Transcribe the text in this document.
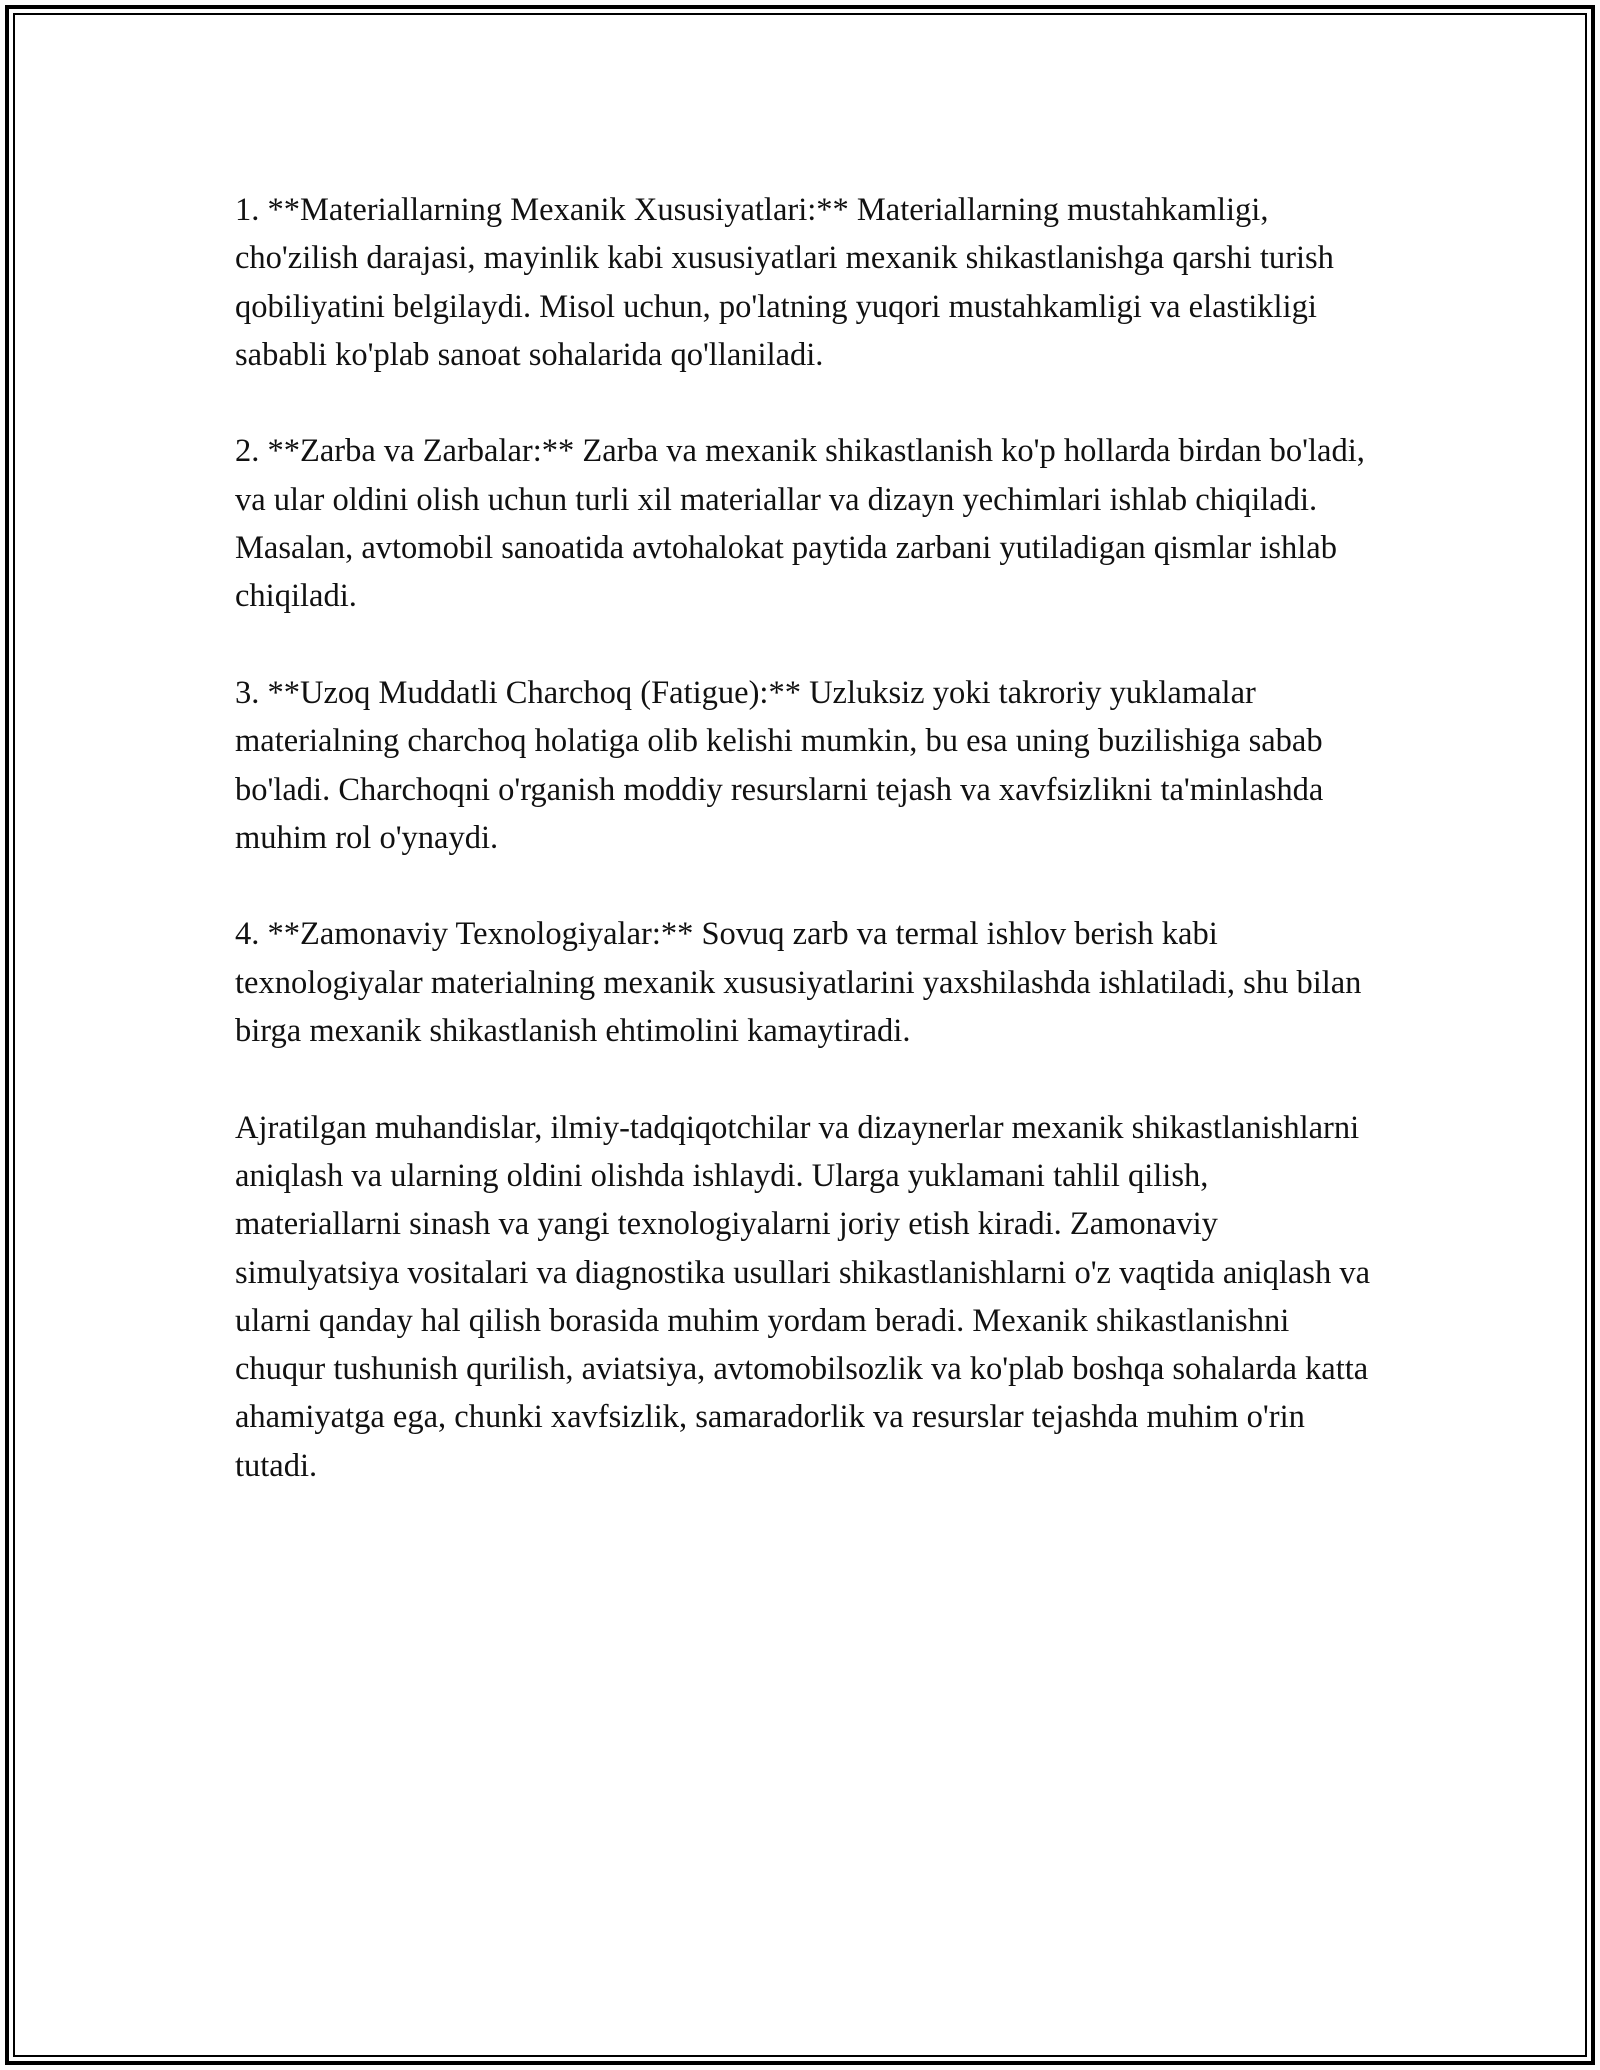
1. **Materiallarning Mexanik Xususiyatlari:** Materiallarning mustahkamligi, cho'zilish darajasi, mayinlik kabi xususiyatlari mexanik shikastlanishga qarshi turish qobiliyatini belgilaydi. Misol uchun, po'latning yuqori mustahkamligi va elastikligi sababli ko'plab sanoat sohalarida qo'llaniladi.

2. **Zarba va Zarbalar:** Zarba va mexanik shikastlanish ko'p hollarda birdan bo'ladi, va ular oldini olish uchun turli xil materiallar va dizayn yechimlari ishlab chiqiladi. Masalan, avtomobil sanoatida avtohalokat paytida zarbani yutiladigan qismlar ishlab chiqiladi.

3. **Uzoq Muddatli Charchoq (Fatigue):** Uzluksiz yoki takroriy yuklamalar materialning charchoq holatiga olib kelishi mumkin, bu esa uning buzilishiga sabab bo'ladi. Charchoqni o'rganish moddiy resurslarni tejash va xavfsizlikni ta'minlashda muhim rol o'ynaydi.

4. **Zamonaviy Texnologiyalar:** Sovuq zarb va termal ishlov berish kabi texnologiyalar materialning mexanik xususiyatlarini yaxshilashda ishlatiladi, shu bilan birga mexanik shikastlanish ehtimolini kamaytiradi.

Ajratilgan muhandislar, ilmiy-tadqiqotchilar va dizaynerlar mexanik shikastlanishlarni aniqlash va ularning oldini olishda ishlaydi. Ularga yuklamani tahlil qilish, materiallarni sinash va yangi texnologiyalarni joriy etish kiradi. Zamonaviy simulyatsiya vositalari va diagnostika usullari shikastlanishlarni o'z vaqtida aniqlash va ularni qanday hal qilish borasida muhim yordam beradi. Mexanik shikastlanishni chuqur tushunish qurilish, aviatsiya, avtomobilsozlik va ko'plab boshqa sohalarda katta ahamiyatga ega, chunki xavfsizlik, samaradorlik va resurslar tejashda muhim o'rin tutadi.
